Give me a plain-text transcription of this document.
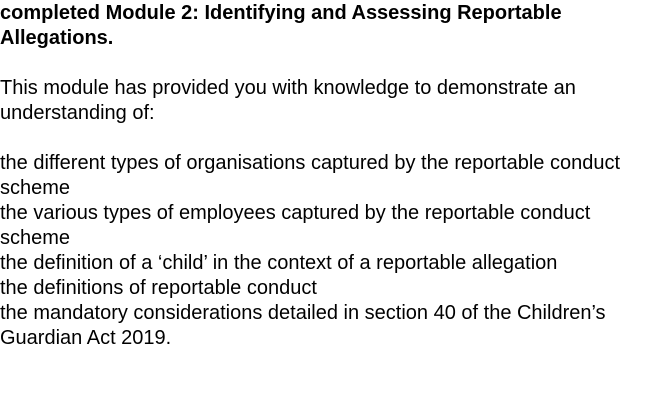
completed Module 2: Identifying and Assessing Reportable Allegations.

This module has provided you with knowledge to demonstrate an understanding of:

the different types of organisations captured by the reportable conduct scheme
the various types of employees captured by the reportable conduct scheme
the definition of a ‘child’ in the context of a reportable allegation
the definitions of reportable conduct
the mandatory considerations detailed in section 40 of the Children’s Guardian Act 2019.
